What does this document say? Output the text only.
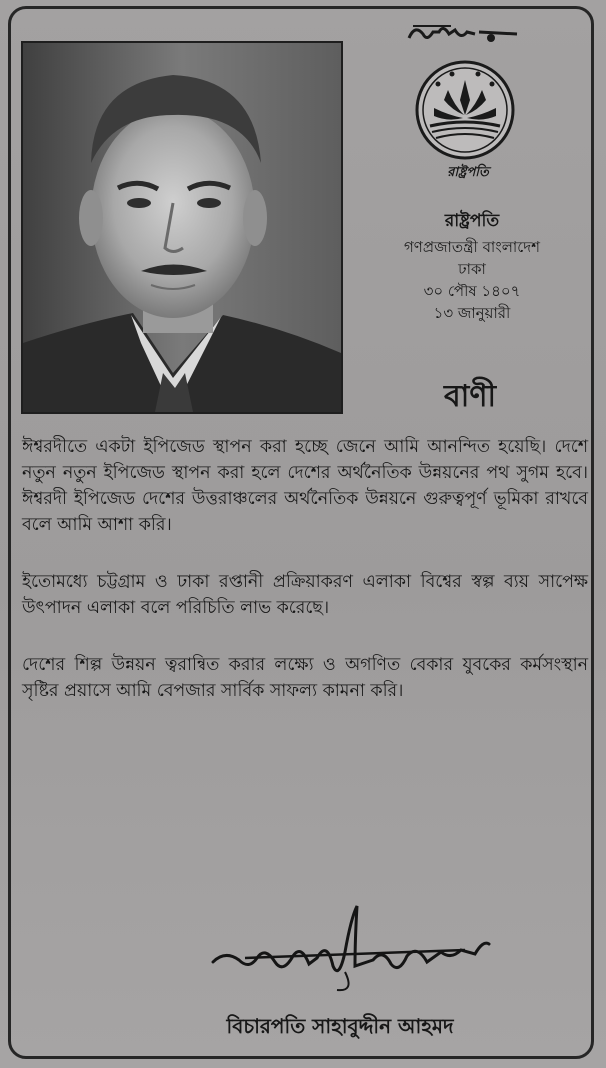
রাষ্ট্রপতি
রাষ্ট্রপতি
গণপ্রজাতন্ত্রী বাংলাদেশ
ঢাকা
৩০ পৌষ ১৪০৭
১৩ জানুয়ারী
বাণী

ঈশ্বরদীতে একটা ইপিজেড স্থাপন করা হচ্ছে জেনে আমি আনন্দিত হয়েছি। দেশে নতুন নতুন ইপিজেড স্থাপন করা হলে দেশের অর্থনৈতিক উন্নয়নের পথ সুগম হবে। ঈশ্বরদী ইপিজেড দেশের উত্তরাঞ্চলের অর্থনৈতিক উন্নয়নে গুরুত্বপূর্ণ ভূমিকা রাখবে বলে আমি আশা করি।

ইতোমধ্যে চট্টগ্রাম ও ঢাকা রপ্তানী প্রক্রিয়াকরণ এলাকা বিশ্বের স্বল্প ব্যয় সাপেক্ষ উৎপাদন এলাকা বলে পরিচিতি লাভ করেছে।

দেশের শিল্প উন্নয়ন ত্বরান্বিত করার লক্ষ্যে ও অগণিত বেকার যুবকের কর্মসংস্থান সৃষ্টির প্রয়াসে আমি বেপজার সার্বিক সাফল্য কামনা করি।

বিচারপতি সাহাবুদ্দীন আহমদ
